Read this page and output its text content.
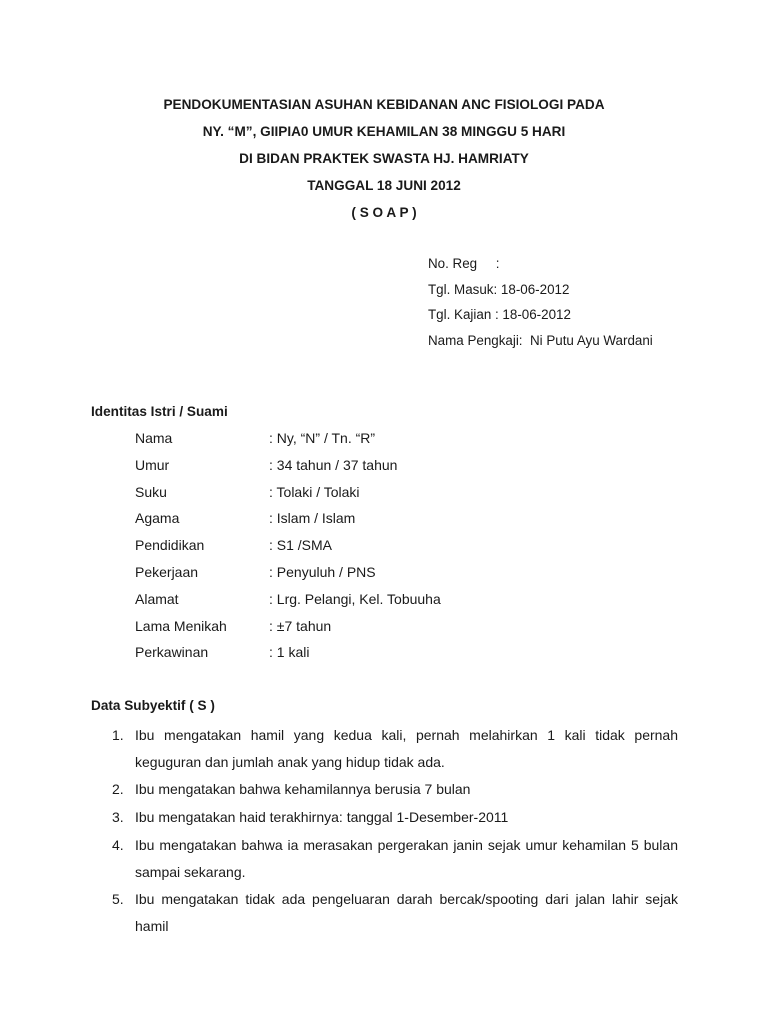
PENDOKUMENTASIAN ASUHAN KEBIDANAN ANC FISIOLOGI PADA
NY. “M”, GIIPIA0 UMUR KEHAMILAN 38 MINGGU 5 HARI
DI BIDAN PRAKTEK SWASTA HJ. HAMRIATY
TANGGAL 18 JUNI 2012
( S O A P )
No. Reg     :
Tgl. Masuk: 18-06-2012
Tgl. Kajian : 18-06-2012
Nama Pengkaji:  Ni Putu Ayu Wardani
Identitas Istri / Suami
Nama	: Ny, “N” / Tn. “R”
Umur	: 34 tahun / 37 tahun
Suku	: Tolaki / Tolaki
Agama	: Islam / Islam
Pendidikan	: S1 /SMA
Pekerjaan	: Penyuluh / PNS
Alamat	: Lrg. Pelangi, Kel. Tobuuha
Lama Menikah	: ±7 tahun
Perkawinan	: 1 kali
Data Subyektif ( S )
1. Ibu mengatakan hamil yang kedua kali, pernah melahirkan 1 kali tidak pernah keguguran dan jumlah anak yang hidup tidak ada.
2. Ibu mengatakan bahwa kehamilannya berusia 7 bulan
3. Ibu mengatakan haid terakhirnya: tanggal 1-Desember-2011
4. Ibu mengatakan bahwa ia merasakan pergerakan janin sejak umur kehamilan 5 bulan sampai sekarang.
5. Ibu mengatakan tidak ada pengeluaran darah bercak/spooting dari jalan lahir sejak hamil
